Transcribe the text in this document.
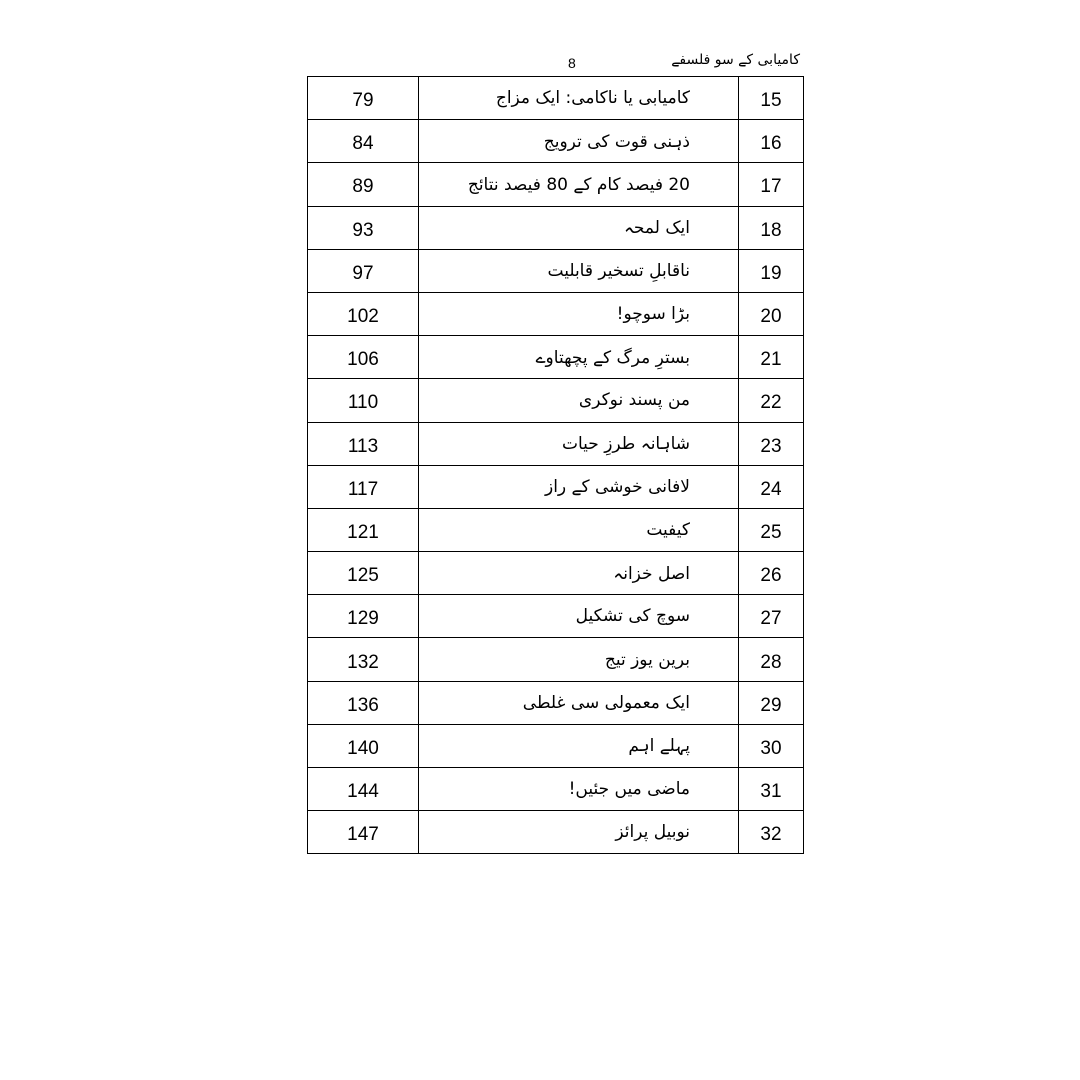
کامیابی کے سو فلسفے
8
79	کامیابی یا ناکامی: ایک مزاج	15
84	ذہنی قوت کی ترویج	16
89	20 فیصد کام کے 80 فیصد نتائج	17
93	ایک لمحہ	18
97	ناقابلِ تسخیر قابلیت	19
102	بڑا سوچو!	20
106	بسترِ مرگ کے پچھتاوے	21
110	من پسند نوکری	22
113	شاہانہ طرزِ حیات	23
117	لافانی خوشی کے راز	24
121	کیفیت	25
125	اصل خزانہ	26
129	سوچ کی تشکیل	27
132	برین یوز تیج	28
136	ایک معمولی سی غلطی	29
140	پہلے اہم	30
144	ماضی میں جئیں!	31
147	نوبیل پرائز	32
